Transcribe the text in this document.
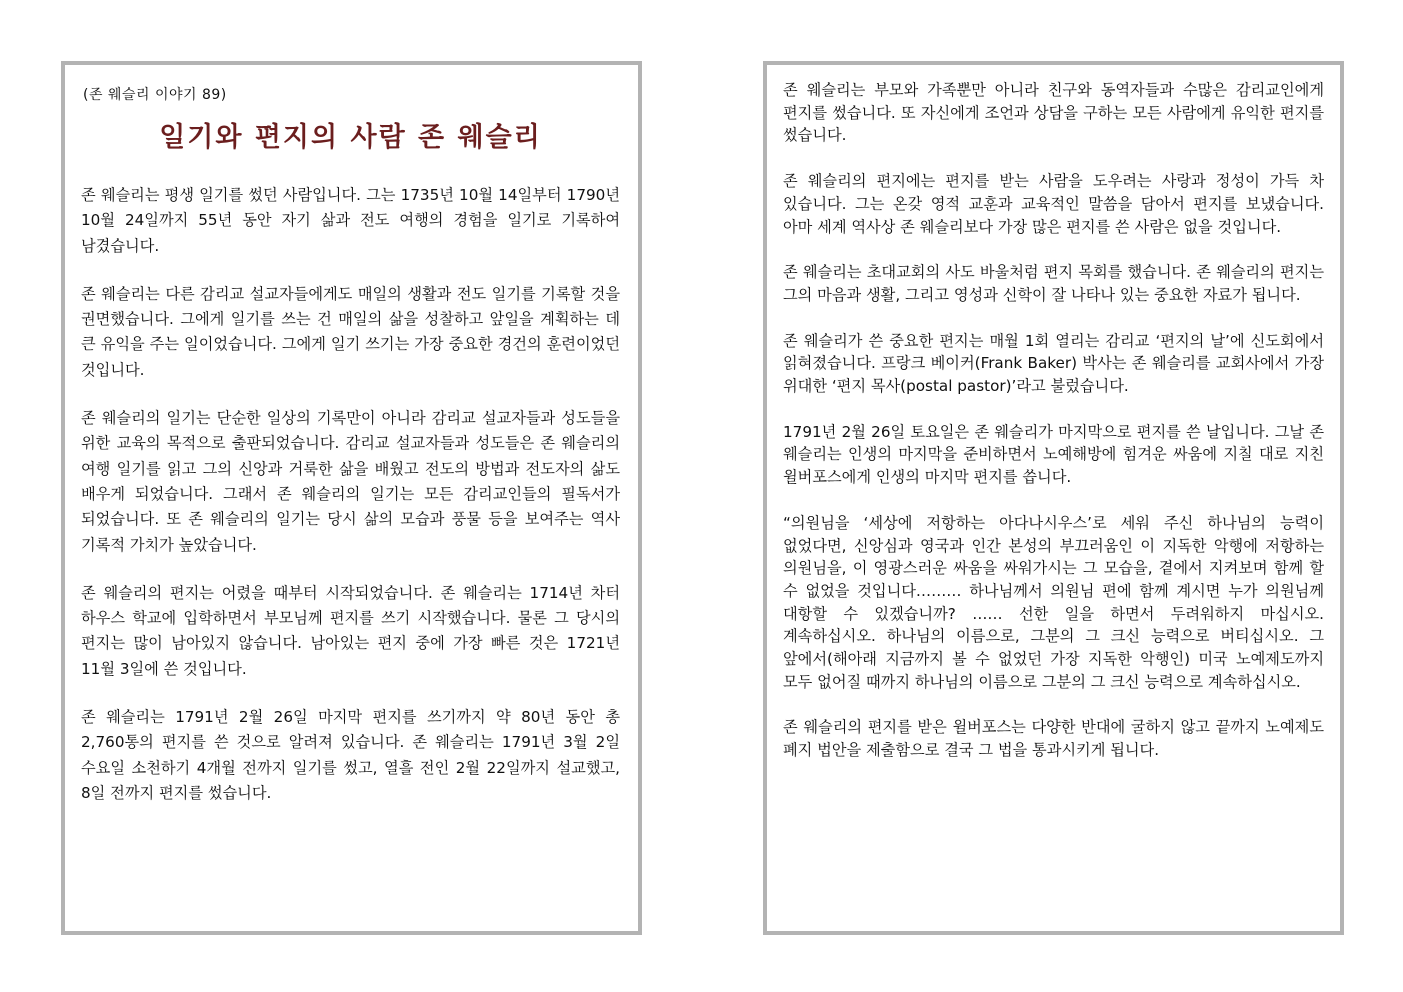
(존 웨슬리 이야기 89)
일기와 편지의 사람 존 웨슬리

존 웨슬리는 평생 일기를 썼던 사람입니다. 그는 1735년 10월 14일부터 1790년 10월 24일까지 55년 동안 자기 삶과 전도 여행의 경험을 일기로 기록하여 남겼습니다.

존 웨슬리는 다른 감리교 설교자들에게도 매일의 생활과 전도 일기를 기록할 것을 권면했습니다. 그에게 일기를 쓰는 건 매일의 삶을 성찰하고 앞일을 계획하는 데 큰 유익을 주는 일이었습니다. 그에게 일기 쓰기는 가장 중요한 경건의 훈련이었던 것입니다.

존 웨슬리의 일기는 단순한 일상의 기록만이 아니라 감리교 설교자들과 성도들을 위한 교육의 목적으로 출판되었습니다. 감리교 설교자들과 성도들은 존 웨슬리의 여행 일기를 읽고 그의 신앙과 거룩한 삶을 배웠고 전도의 방법과 전도자의 삶도 배우게 되었습니다. 그래서 존 웨슬리의 일기는 모든 감리교인들의 필독서가 되었습니다. 또 존 웨슬리의 일기는 당시 삶의 모습과 풍물 등을 보여주는 역사 기록적 가치가 높았습니다.

존 웨슬리의 편지는 어렸을 때부터 시작되었습니다. 존 웨슬리는 1714년 차터 하우스 학교에 입학하면서 부모님께 편지를 쓰기 시작했습니다. 물론 그 당시의 편지는 많이 남아있지 않습니다. 남아있는 편지 중에 가장 빠른 것은 1721년 11월 3일에 쓴 것입니다.

존 웨슬리는 1791년 2월 26일 마지막 편지를 쓰기까지 약 80년 동안 총 2,760통의 편지를 쓴 것으로 알려져 있습니다. 존 웨슬리는 1791년 3월 2일 수요일 소천하기 4개월 전까지 일기를 썼고, 열흘 전인 2월 22일까지 설교했고, 8일 전까지 편지를 썼습니다.

존 웨슬리는 부모와 가족뿐만 아니라 친구와 동역자들과 수많은 감리교인에게 편지를 썼습니다. 또 자신에게 조언과 상담을 구하는 모든 사람에게 유익한 편지를 썼습니다.

존 웨슬리의 편지에는 편지를 받는 사람을 도우려는 사랑과 정성이 가득 차 있습니다. 그는 온갖 영적 교훈과 교육적인 말씀을 담아서 편지를 보냈습니다. 아마 세계 역사상 존 웨슬리보다 가장 많은 편지를 쓴 사람은 없을 것입니다.

존 웨슬리는 초대교회의 사도 바울처럼 편지 목회를 했습니다. 존 웨슬리의 편지는 그의 마음과 생활, 그리고 영성과 신학이 잘 나타나 있는 중요한 자료가 됩니다.

존 웨슬리가 쓴 중요한 편지는 매월 1회 열리는 감리교 ‘편지의 날’에 신도회에서 읽혀졌습니다. 프랑크 베이커(Frank Baker) 박사는 존 웨슬리를 교회사에서 가장 위대한 ‘편지 목사(postal pastor)’라고 불렀습니다.

1791년 2월 26일 토요일은 존 웨슬리가 마지막으로 편지를 쓴 날입니다. 그날 존 웨슬리는 인생의 마지막을 준비하면서 노예해방에 힘겨운 싸움에 지칠 대로 지친 윌버포스에게 인생의 마지막 편지를 씁니다.

“의원님을 ‘세상에 저항하는 아다나시우스’로 세워 주신 하나님의 능력이 없었다면, 신앙심과 영국과 인간 본성의 부끄러움인 이 지독한 악행에 저항하는 의원님을, 이 영광스러운 싸움을 싸워가시는 그 모습을, 곁에서 지켜보며 함께 할 수 없었을 것입니다……… 하나님께서 의원님 편에 함께 계시면 누가 의원님께 대항할 수 있겠습니까? …… 선한 일을 하면서 두려워하지 마십시오. 계속하십시오. 하나님의 이름으로, 그분의 그 크신 능력으로 버티십시오. 그 앞에서(해아래 지금까지 볼 수 없었던 가장 지독한 악행인) 미국 노예제도까지 모두 없어질 때까지 하나님의 이름으로 그분의 그 크신 능력으로 계속하십시오.

존 웨슬리의 편지를 받은 윌버포스는 다양한 반대에 굴하지 않고 끝까지 노예제도 폐지 법안을 제출함으로 결국 그 법을 통과시키게 됩니다.
